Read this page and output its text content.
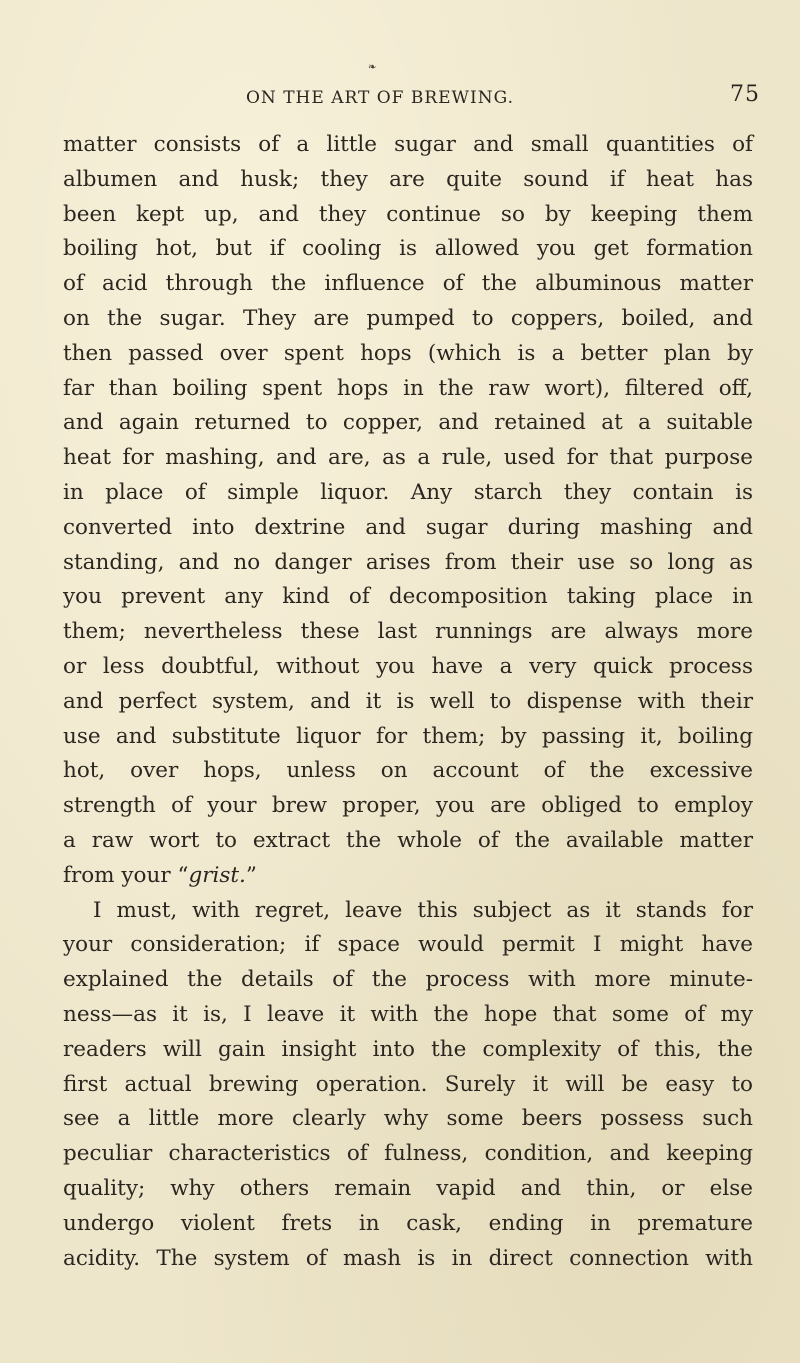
❧
ON THE ART OF BREWING.	75
matter consists of a little sugar and small quantities of
albumen and husk; they are quite sound if heat has
been kept up, and they continue so by keeping them
boiling hot, but if cooling is allowed you get formation
of acid through the influence of the albuminous matter
on the sugar. They are pumped to coppers, boiled, and
then passed over spent hops (which is a better plan by
far than boiling spent hops in the raw wort), filtered off,
and again returned to copper, and retained at a suitable
heat for mashing, and are, as a rule, used for that purpose
in place of simple liquor. Any starch they contain is
converted into dextrine and sugar during mashing and
standing, and no danger arises from their use so long as
you prevent any kind of decomposition taking place in
them; nevertheless these last runnings are always more
or less doubtful, without you have a very quick process
and perfect system, and it is well to dispense with their
use and substitute liquor for them; by passing it, boiling
hot, over hops, unless on account of the excessive
strength of your brew proper, you are obliged to employ
a raw wort to extract the whole of the available matter
from your “grist.”
I must, with regret, leave this subject as it stands for
your consideration; if space would permit I might have
explained the details of the process with more minute-
ness—as it is, I leave it with the hope that some of my
readers will gain insight into the complexity of this, the
first actual brewing operation. Surely it will be easy to
see a little more clearly why some beers possess such
peculiar characteristics of fulness, condition, and keeping
quality; why others remain vapid and thin, or else
undergo violent frets in cask, ending in premature
acidity. The system of mash is in direct connection with
